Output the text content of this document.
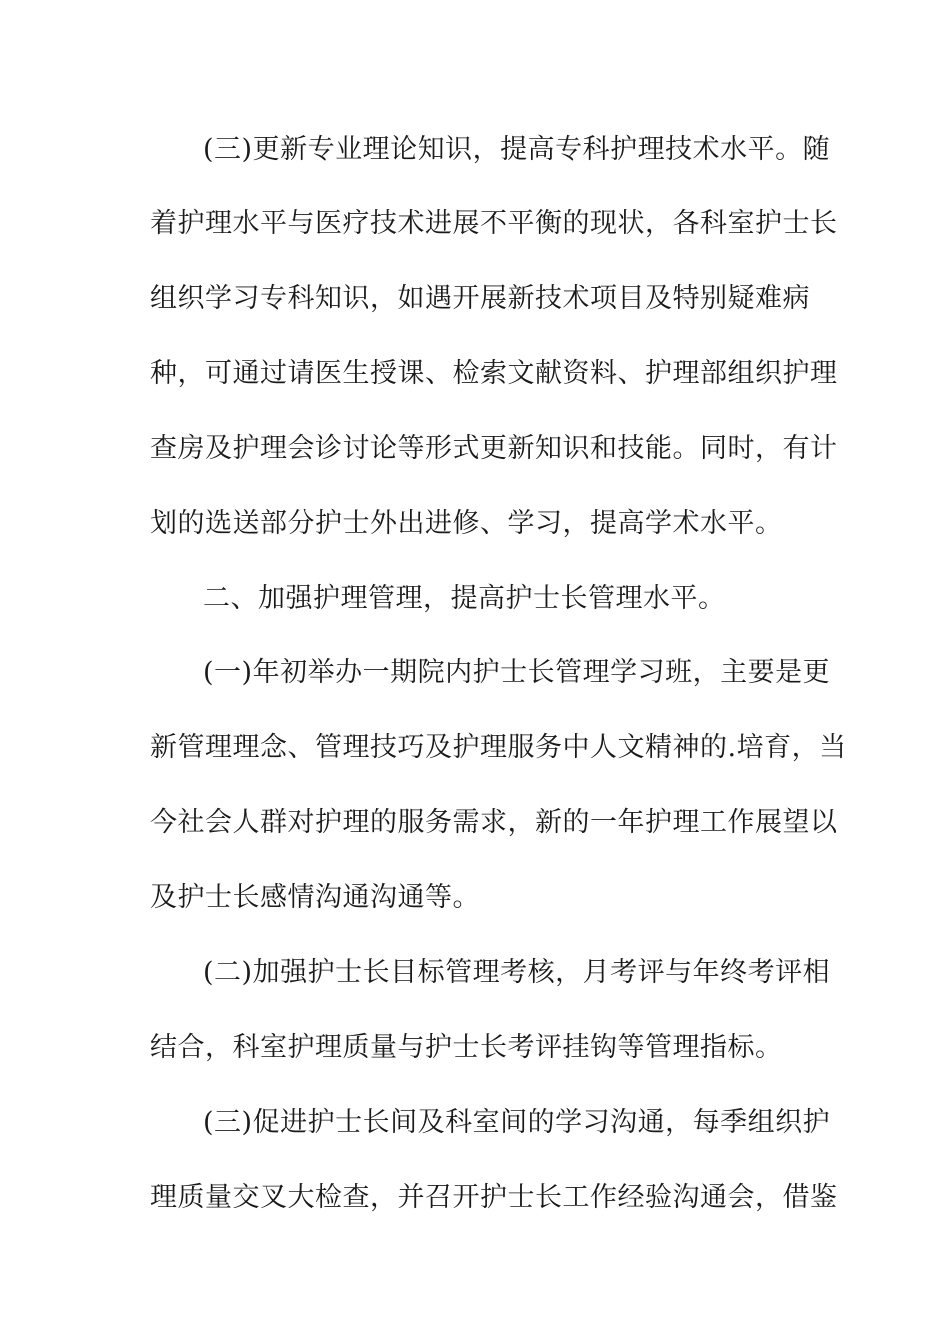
(三)更新专业理论知识，提高专科护理技术水平。随
着护理水平与医疗技术进展不平衡的现状，各科室护士长
组织学习专科知识，如遇开展新技术项目及特别疑难病
种，可通过请医生授课、检索文献资料、护理部组织护理
查房及护理会诊讨论等形式更新知识和技能。同时，有计
划的选送部分护士外出进修、学习，提高学术水平。
二、加强护理管理，提高护士长管理水平。
(一)年初举办一期院内护士长管理学习班，主要是更
新管理理念、管理技巧及护理服务中人文精神的.培育，当
今社会人群对护理的服务需求，新的一年护理工作展望以
及护士长感情沟通沟通等。
(二)加强护士长目标管理考核，月考评与年终考评相
结合，科室护理质量与护士长考评挂钩等管理指标。
(三)促进护士长间及科室间的学习沟通，每季组织护
理质量交叉大检查，并召开护士长工作经验沟通会，借鉴
